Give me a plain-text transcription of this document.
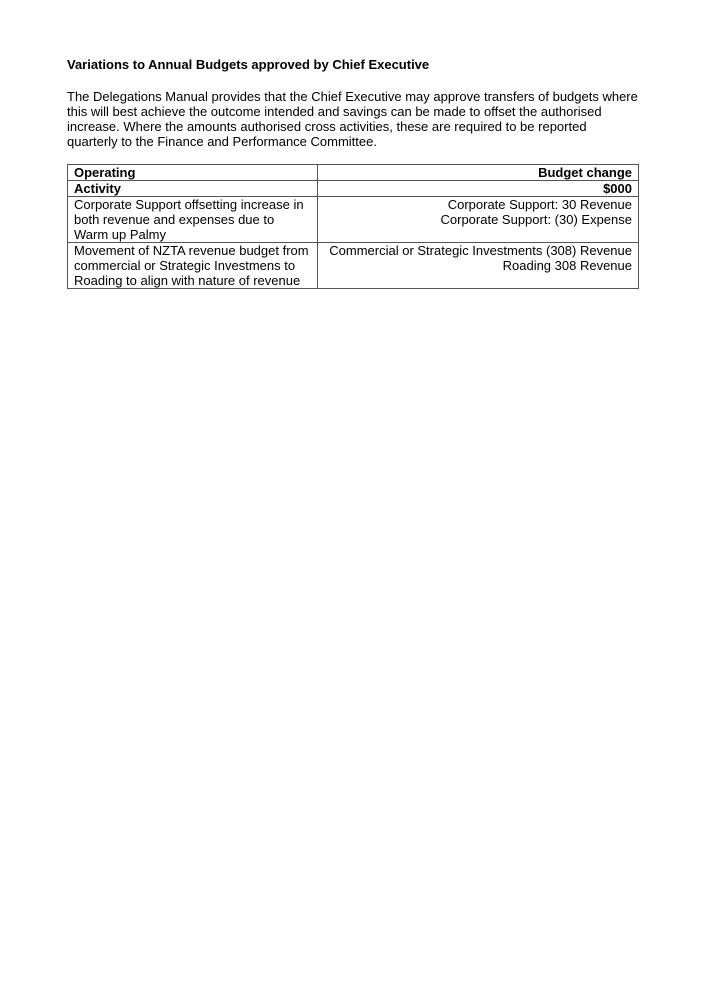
Variations to Annual Budgets approved by Chief Executive

The Delegations Manual provides that the Chief Executive may approve transfers of budgets where this will best achieve the outcome intended and savings can be made to offset the authorised increase. Where the amounts authorised cross activities, these are required to be reported quarterly to the Finance and Performance Committee.

Operating	Budget change
Activity	$000
Corporate Support offsetting increase in both revenue and expenses due to Warm up Palmy	Corporate Support: 30 Revenue
Corporate Support: (30) Expense

Movement of NZTA revenue budget from commercial or Strategic Investmens to Roading to align with nature of revenue	Commercial or Strategic Investments (308) Revenue
Roading 308 Revenue
